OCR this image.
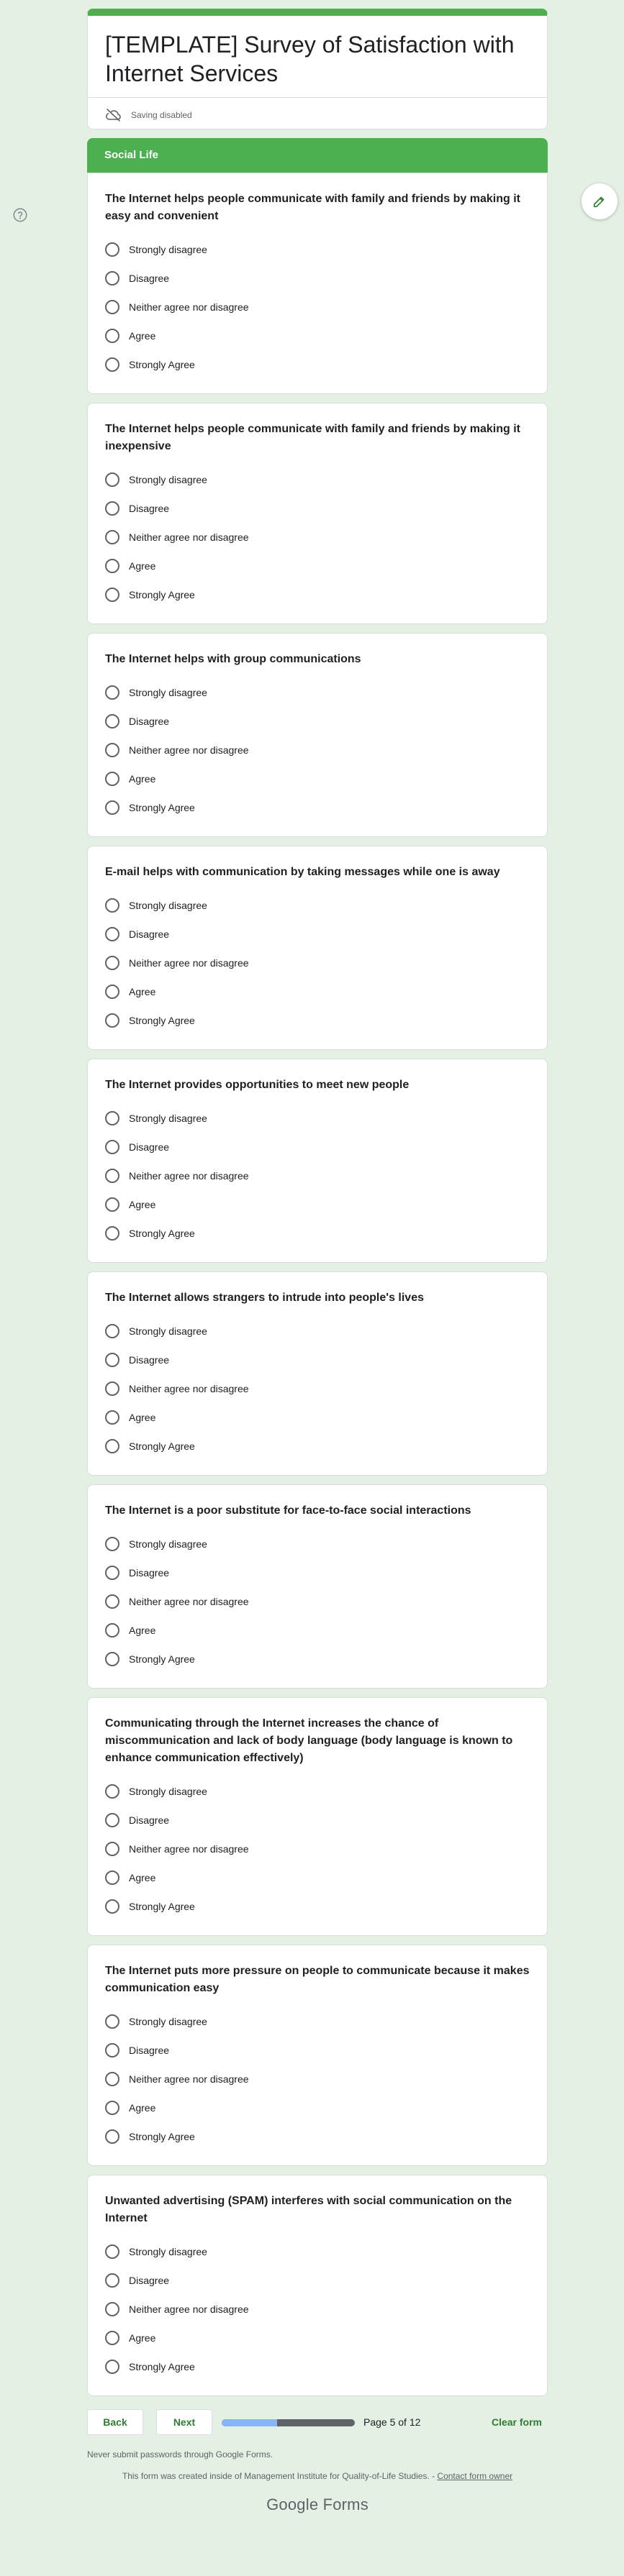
[TEMPLATE] Survey of Satisfaction with Internet Services
Saving disabled
Social Life
The Internet helps people communicate with family and friends by making it easy and convenient
Strongly disagree
Disagree
Neither agree nor disagree
Agree
Strongly Agree
The Internet helps people communicate with family and friends by making it inexpensive
Strongly disagree
Disagree
Neither agree nor disagree
Agree
Strongly Agree
The Internet helps with group communications
Strongly disagree
Disagree
Neither agree nor disagree
Agree
Strongly Agree
E-mail helps with communication by taking messages while one is away
Strongly disagree
Disagree
Neither agree nor disagree
Agree
Strongly Agree
The Internet provides opportunities to meet new people
Strongly disagree
Disagree
Neither agree nor disagree
Agree
Strongly Agree
The Internet allows strangers to intrude into people's lives
Strongly disagree
Disagree
Neither agree nor disagree
Agree
Strongly Agree
The Internet is a poor substitute for face-to-face social interactions
Strongly disagree
Disagree
Neither agree nor disagree
Agree
Strongly Agree
Communicating through the Internet increases the chance of miscommunication and lack of body language (body language is known to enhance communication effectively)
Strongly disagree
Disagree
Neither agree nor disagree
Agree
Strongly Agree
The Internet puts more pressure on people to communicate because it makes communication easy
Strongly disagree
Disagree
Neither agree nor disagree
Agree
Strongly Agree
Unwanted advertising (SPAM) interferes with social communication on the Internet
Strongly disagree
Disagree
Neither agree nor disagree
Agree
Strongly Agree
Back	Next	Page 5 of 12	Clear form
Never submit passwords through Google Forms.
This form was created inside of Management Institute for Quality-of-Life Studies. - Contact form owner
Google Forms
